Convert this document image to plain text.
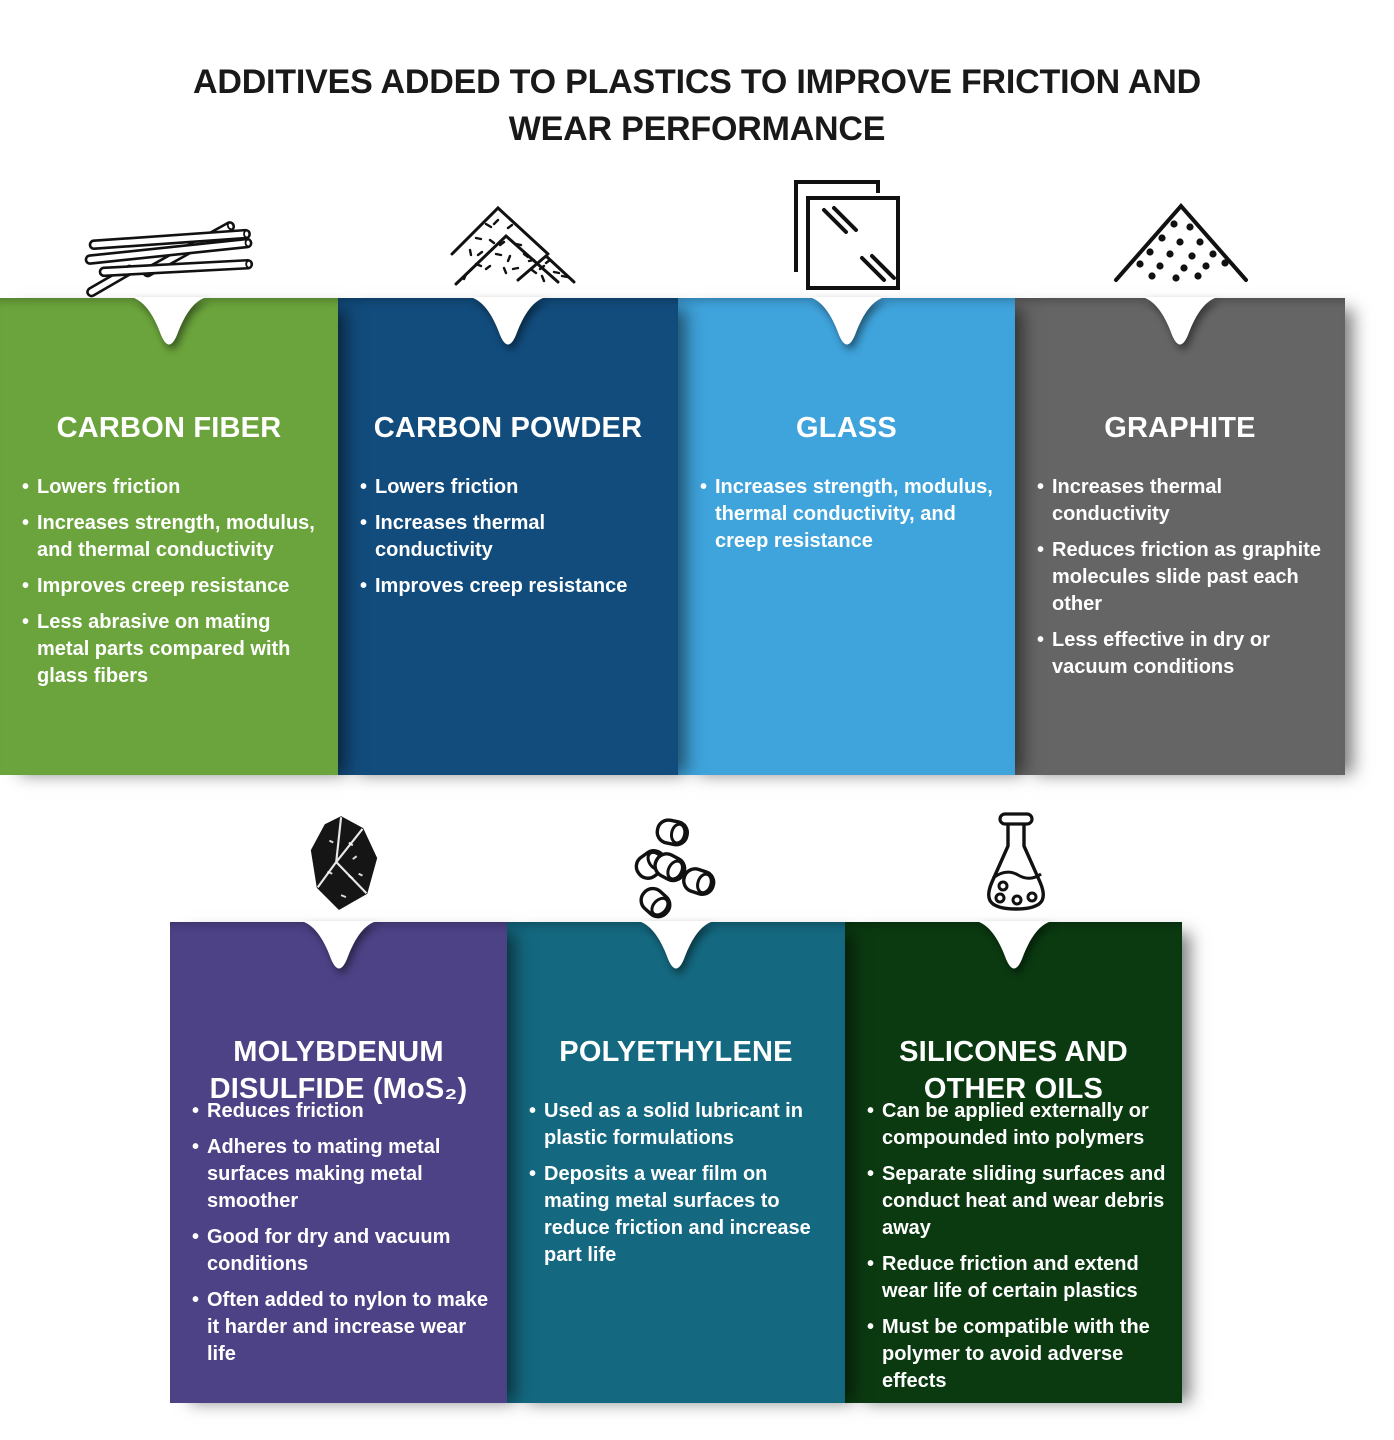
ADDITIVES ADDED TO PLASTICS TO IMPROVE FRICTION AND
WEAR PERFORMANCE
CARBON FIBER
• Lowers friction
• Increases strength, modulus, and thermal conductivity
• Improves creep resistance
• Less abrasive on mating metal parts compared with glass fibers
CARBON POWDER
• Lowers friction
• Increases thermal conductivity
• Improves creep resistance
GLASS
• Increases strength, modulus, thermal conductivity, and creep resistance
GRAPHITE
• Increases thermal conductivity
• Reduces friction as graphite molecules slide past each other
• Less effective in dry or vacuum conditions
MOLYBDENUM
DISULFIDE (MoS₂)
• Reduces friction
• Adheres to mating metal surfaces making metal smoother
• Good for dry and vacuum conditions
• Often added to nylon to make it harder and increase wear life
POLYETHYLENE
• Used as a solid lubricant in plastic formulations
• Deposits a wear film on mating metal surfaces to reduce friction and increase part life
SILICONES AND
OTHER OILS
• Can be applied externally or compounded into polymers
• Separate sliding surfaces and conduct heat and wear debris away
• Reduce friction and extend wear life of certain plastics
• Must be compatible with the polymer to avoid adverse effects
